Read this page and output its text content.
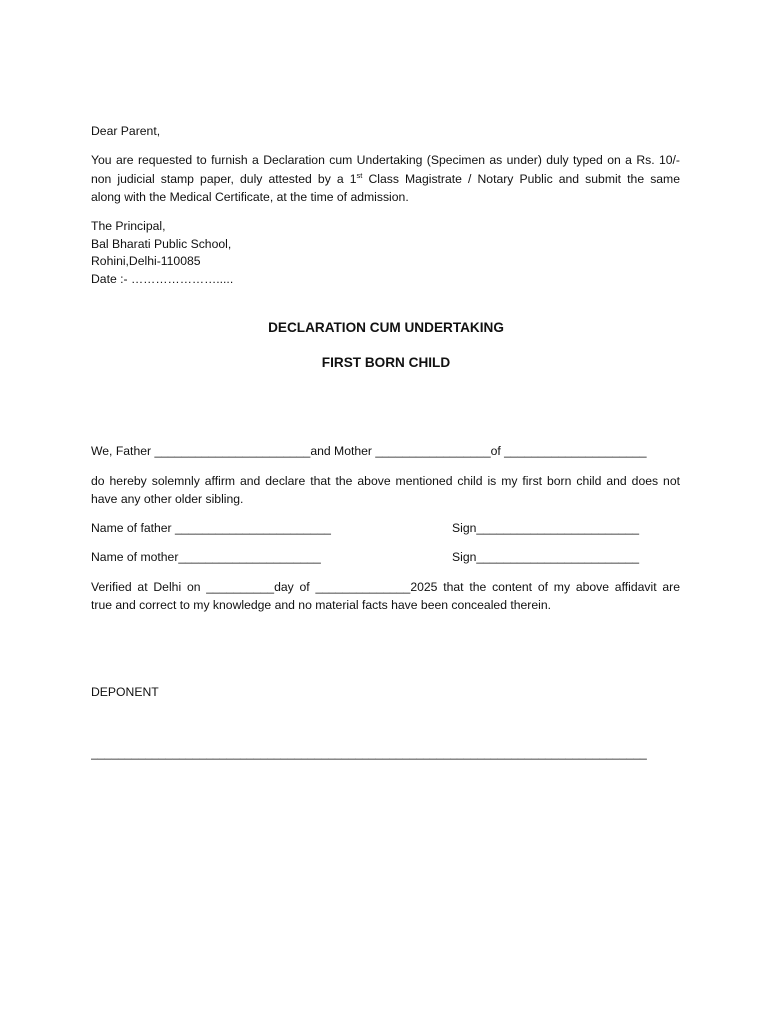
Dear Parent,
You are requested to furnish a Declaration cum Undertaking (Specimen as under) duly typed on a Rs. 10/-
non judicial stamp paper, duly attested by a 1st Class Magistrate / Notary Public and submit the same
along with the Medical Certificate, at the time of admission.
The Principal,
Bal Bharati Public School,
Rohini,Delhi-110085
Date :- ………………….....
DECLARATION CUM UNDERTAKING
FIRST BORN CHILD
We, Father _______________________and Mother _________________of _____________________
do hereby solemnly affirm and declare that the above mentioned child is my first born child and does not
have any other older sibling.
Name of father _______________________	Sign________________________
Name of mother_____________________	Sign________________________
Verified at Delhi on __________day of ______________2025 that the content of my above affidavit are
true and correct to my knowledge and no material facts have been concealed therein.
DEPONENT
__________________________________________________________________________________
